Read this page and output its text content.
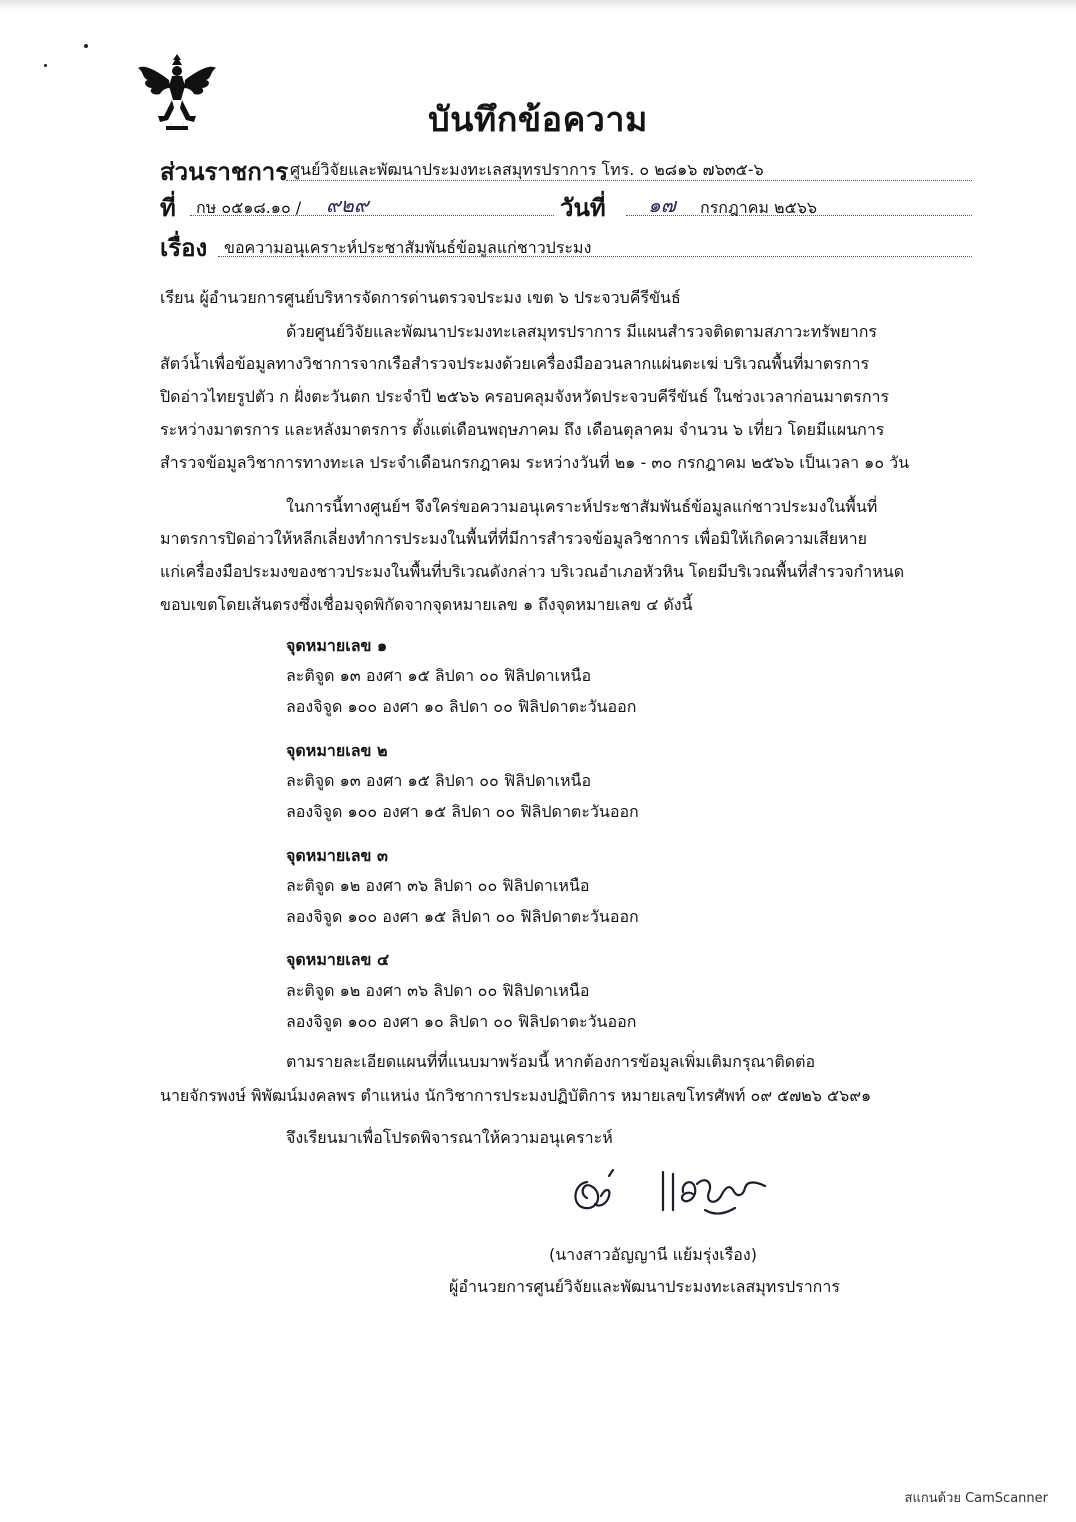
บันทึกข้อความ
ส่วนราชการ ศูนย์วิจัยและพัฒนาประมงทะเลสมุทรปราการ โทร. ๐ ๒๘๑๖ ๗๖๓๕-๖
ที่ กษ ๐๕๑๘.๑๐ / ๙๒๙	วันที่ ๑๗ กรกฎาคม ๒๕๖๖
เรื่อง ขอความอนุเคราะห์ประชาสัมพันธ์ข้อมูลแก่ชาวประมง
เรียน ผู้อำนวยการศูนย์บริหารจัดการด่านตรวจประมง เขต ๖ ประจวบคีรีขันธ์
ด้วยศูนย์วิจัยและพัฒนาประมงทะเลสมุทรปราการ มีแผนสำรวจติดตามสภาวะทรัพยากร
สัตว์น้ำเพื่อข้อมูลทางวิชาการจากเรือสำรวจประมงด้วยเครื่องมืออวนลากแผ่นตะเฆ่ บริเวณพื้นที่มาตรการ
ปิดอ่าวไทยรูปตัว ก ฝั่งตะวันตก ประจำปี ๒๕๖๖ ครอบคลุมจังหวัดประจวบคีรีขันธ์ ในช่วงเวลาก่อนมาตรการ
ระหว่างมาตรการ และหลังมาตรการ ตั้งแต่เดือนพฤษภาคม ถึง เดือนตุลาคม จำนวน ๖ เที่ยว โดยมีแผนการ
สำรวจข้อมูลวิชาการทางทะเล ประจำเดือนกรกฎาคม ระหว่างวันที่ ๒๑ - ๓๐ กรกฎาคม ๒๕๖๖ เป็นเวลา ๑๐ วัน
ในการนี้ทางศูนย์ฯ จึงใคร่ขอความอนุเคราะห์ประชาสัมพันธ์ข้อมูลแก่ชาวประมงในพื้นที่
มาตรการปิดอ่าวให้หลีกเลี่ยงทำการประมงในพื้นที่ที่มีการสำรวจข้อมูลวิชาการ เพื่อมิให้เกิดความเสียหาย
แก่เครื่องมือประมงของชาวประมงในพื้นที่บริเวณดังกล่าว บริเวณอำเภอหัวหิน โดยมีบริเวณพื้นที่สำรวจกำหนด
ขอบเขตโดยเส้นตรงซึ่งเชื่อมจุดพิกัดจากจุดหมายเลข ๑ ถึงจุดหมายเลข ๔ ดังนี้
จุดหมายเลข ๑
ละติจูด ๑๓ องศา ๑๕ ลิปดา ๐๐ ฟิลิปดาเหนือ
ลองจิจูด ๑๐๐ องศา ๑๐ ลิปดา ๐๐ ฟิลิปดาตะวันออก
จุดหมายเลข ๒
ละติจูด ๑๓ องศา ๑๕ ลิปดา ๐๐ ฟิลิปดาเหนือ
ลองจิจูด ๑๐๐ องศา ๑๕ ลิปดา ๐๐ ฟิลิปดาตะวันออก
จุดหมายเลข ๓
ละติจูด ๑๒ องศา ๓๖ ลิปดา ๐๐ ฟิลิปดาเหนือ
ลองจิจูด ๑๐๐ องศา ๑๕ ลิปดา ๐๐ ฟิลิปดาตะวันออก
จุดหมายเลข ๔
ละติจูด ๑๒ องศา ๓๖ ลิปดา ๐๐ ฟิลิปดาเหนือ
ลองจิจูด ๑๐๐ องศา ๑๐ ลิปดา ๐๐ ฟิลิปดาตะวันออก
ตามรายละเอียดแผนที่ที่แนบมาพร้อมนี้ หากต้องการข้อมูลเพิ่มเติมกรุณาติดต่อ
นายจักรพงษ์ พิพัฒน์มงคลพร ตำแหน่ง นักวิชาการประมงปฏิบัติการ หมายเลขโทรศัพท์ ๐๙ ๕๗๒๖ ๕๖๙๑
จึงเรียนมาเพื่อโปรดพิจารณาให้ความอนุเคราะห์
(นางสาวอัญญานี แย้มรุ่งเรือง)
ผู้อำนวยการศูนย์วิจัยและพัฒนาประมงทะเลสมุทรปราการ
สแกนด้วย CamScanner
